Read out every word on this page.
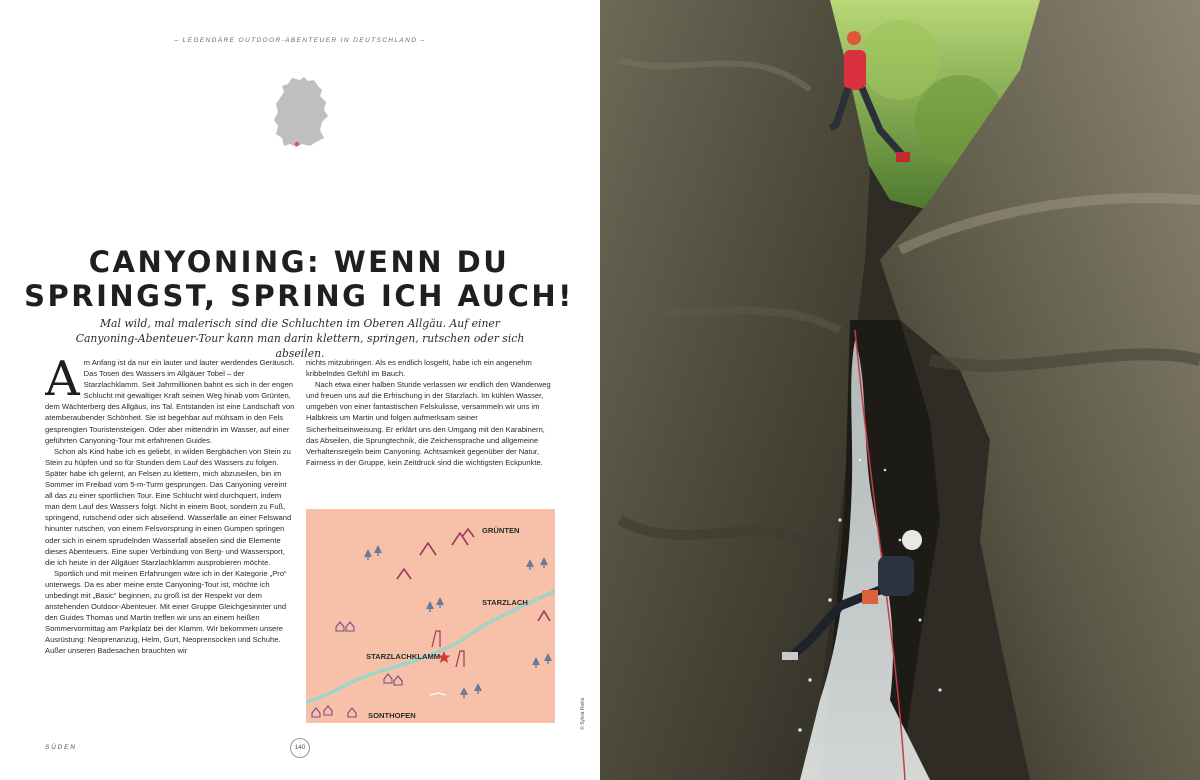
– LEGENDÄRE OUTDOOR-ABENTEUER IN DEUTSCHLAND –
CANYONING: WENN DU
SPRINGST, SPRING ICH AUCH!
Mal wild, mal malerisch sind die Schluchten im Oberen Allgäu. Auf einer
Canyoning-Abenteuer-Tour kann man darin klettern, springen, rutschen oder sich abseilen.

Am Anfang ist da nur ein lauter und lauter werdendes Geräusch. Das Tosen des Wassers im Allgäuer Tobel – der Starzlachklamm. Seit Jahrmillionen bahnt es sich in der engen Schlucht mit gewaltiger Kraft seinen Weg hinab vom Grünten, dem Wächterberg des Allgäus, ins Tal. Entstanden ist eine Landschaft von atemberaubender Schönheit. Sie ist begehbar auf mühsam in den Fels gesprengten Touristensteigen. Oder aber mittendrin im Wasser, auf einer geführten Canyoning-Tour mit erfahrenen Guides.

Schon als Kind habe ich es geliebt, in wilden Bergbächen von Stein zu Stein zu hüpfen und so für Stunden dem Lauf des Wassers zu folgen. Später habe ich gelernt, an Felsen zu klettern, mich abzuseilen, bin im Sommer im Freibad vom 5-m-Turm gesprungen. Das Canyoning vereint all das zu einer sportlichen Tour. Eine Schlucht wird durchquert, indem man dem Lauf des Wassers folgt. Nicht in einem Boot, sondern zu Fuß, springend, rutschend oder sich abseilend. Wasserfälle an einer Felswand hinunter rutschen, von einem Felsvorsprung in einen Gumpen springen oder sich in einem sprudelnden Wasserfall abseilen sind die Elemente dieses Abenteuers. Eine super Verbindung von Berg- und Wassersport, die ich heute in der Allgäuer Starzlachklamm ausprobieren möchte.

Sportlich und mit meinen Erfahrungen wäre ich in der Kategorie „Pro“ unterwegs. Da es aber meine erste Canyoning-Tour ist, möchte ich unbedingt mit „Basic“ beginnen, zu groß ist der Respekt vor dem anstehenden Outdoor-Abenteuer. Mit einer Gruppe Gleichgesinnter und den Guides Thomas und Martin treffen wir uns an einem heißen Sommervormittag am Parkplatz bei der Klamm. Wir bekommen unsere Ausrüstung: Neoprenanzug, Helm, Gurt, Neoprensocken und Schuhe. Außer unseren Badesachen brauchten wir

nichts mitzubringen. Als es endlich losgeht, habe ich ein angenehm kribbelndes Gefühl im Bauch.

Nach etwa einer halben Stunde verlassen wir endlich den Wanderweg und freuen uns auf die Erfrischung in der Starzlach. Im kühlen Wasser, umgeben von einer fantastischen Felskulisse, versammeln wir uns im Halbkreis um Martin und folgen aufmerksam seiner Sicherheitseinweisung. Er erklärt uns den Umgang mit den Karabinern, das Abseilen, die Sprungtechnik, die Zeichensprache und allgemeine Verhaltensregeln beim Canyoning. Achtsamkeit gegenüber der Natur, Fairness in der Gruppe, kein Zeitdruck sind die wichtigsten Eckpunkte.

GRÜNTEN
STARZLACH
STARZLACHKLAMM
SONTHOFEN
SÜDEN	140
© Sylvia Rieks
